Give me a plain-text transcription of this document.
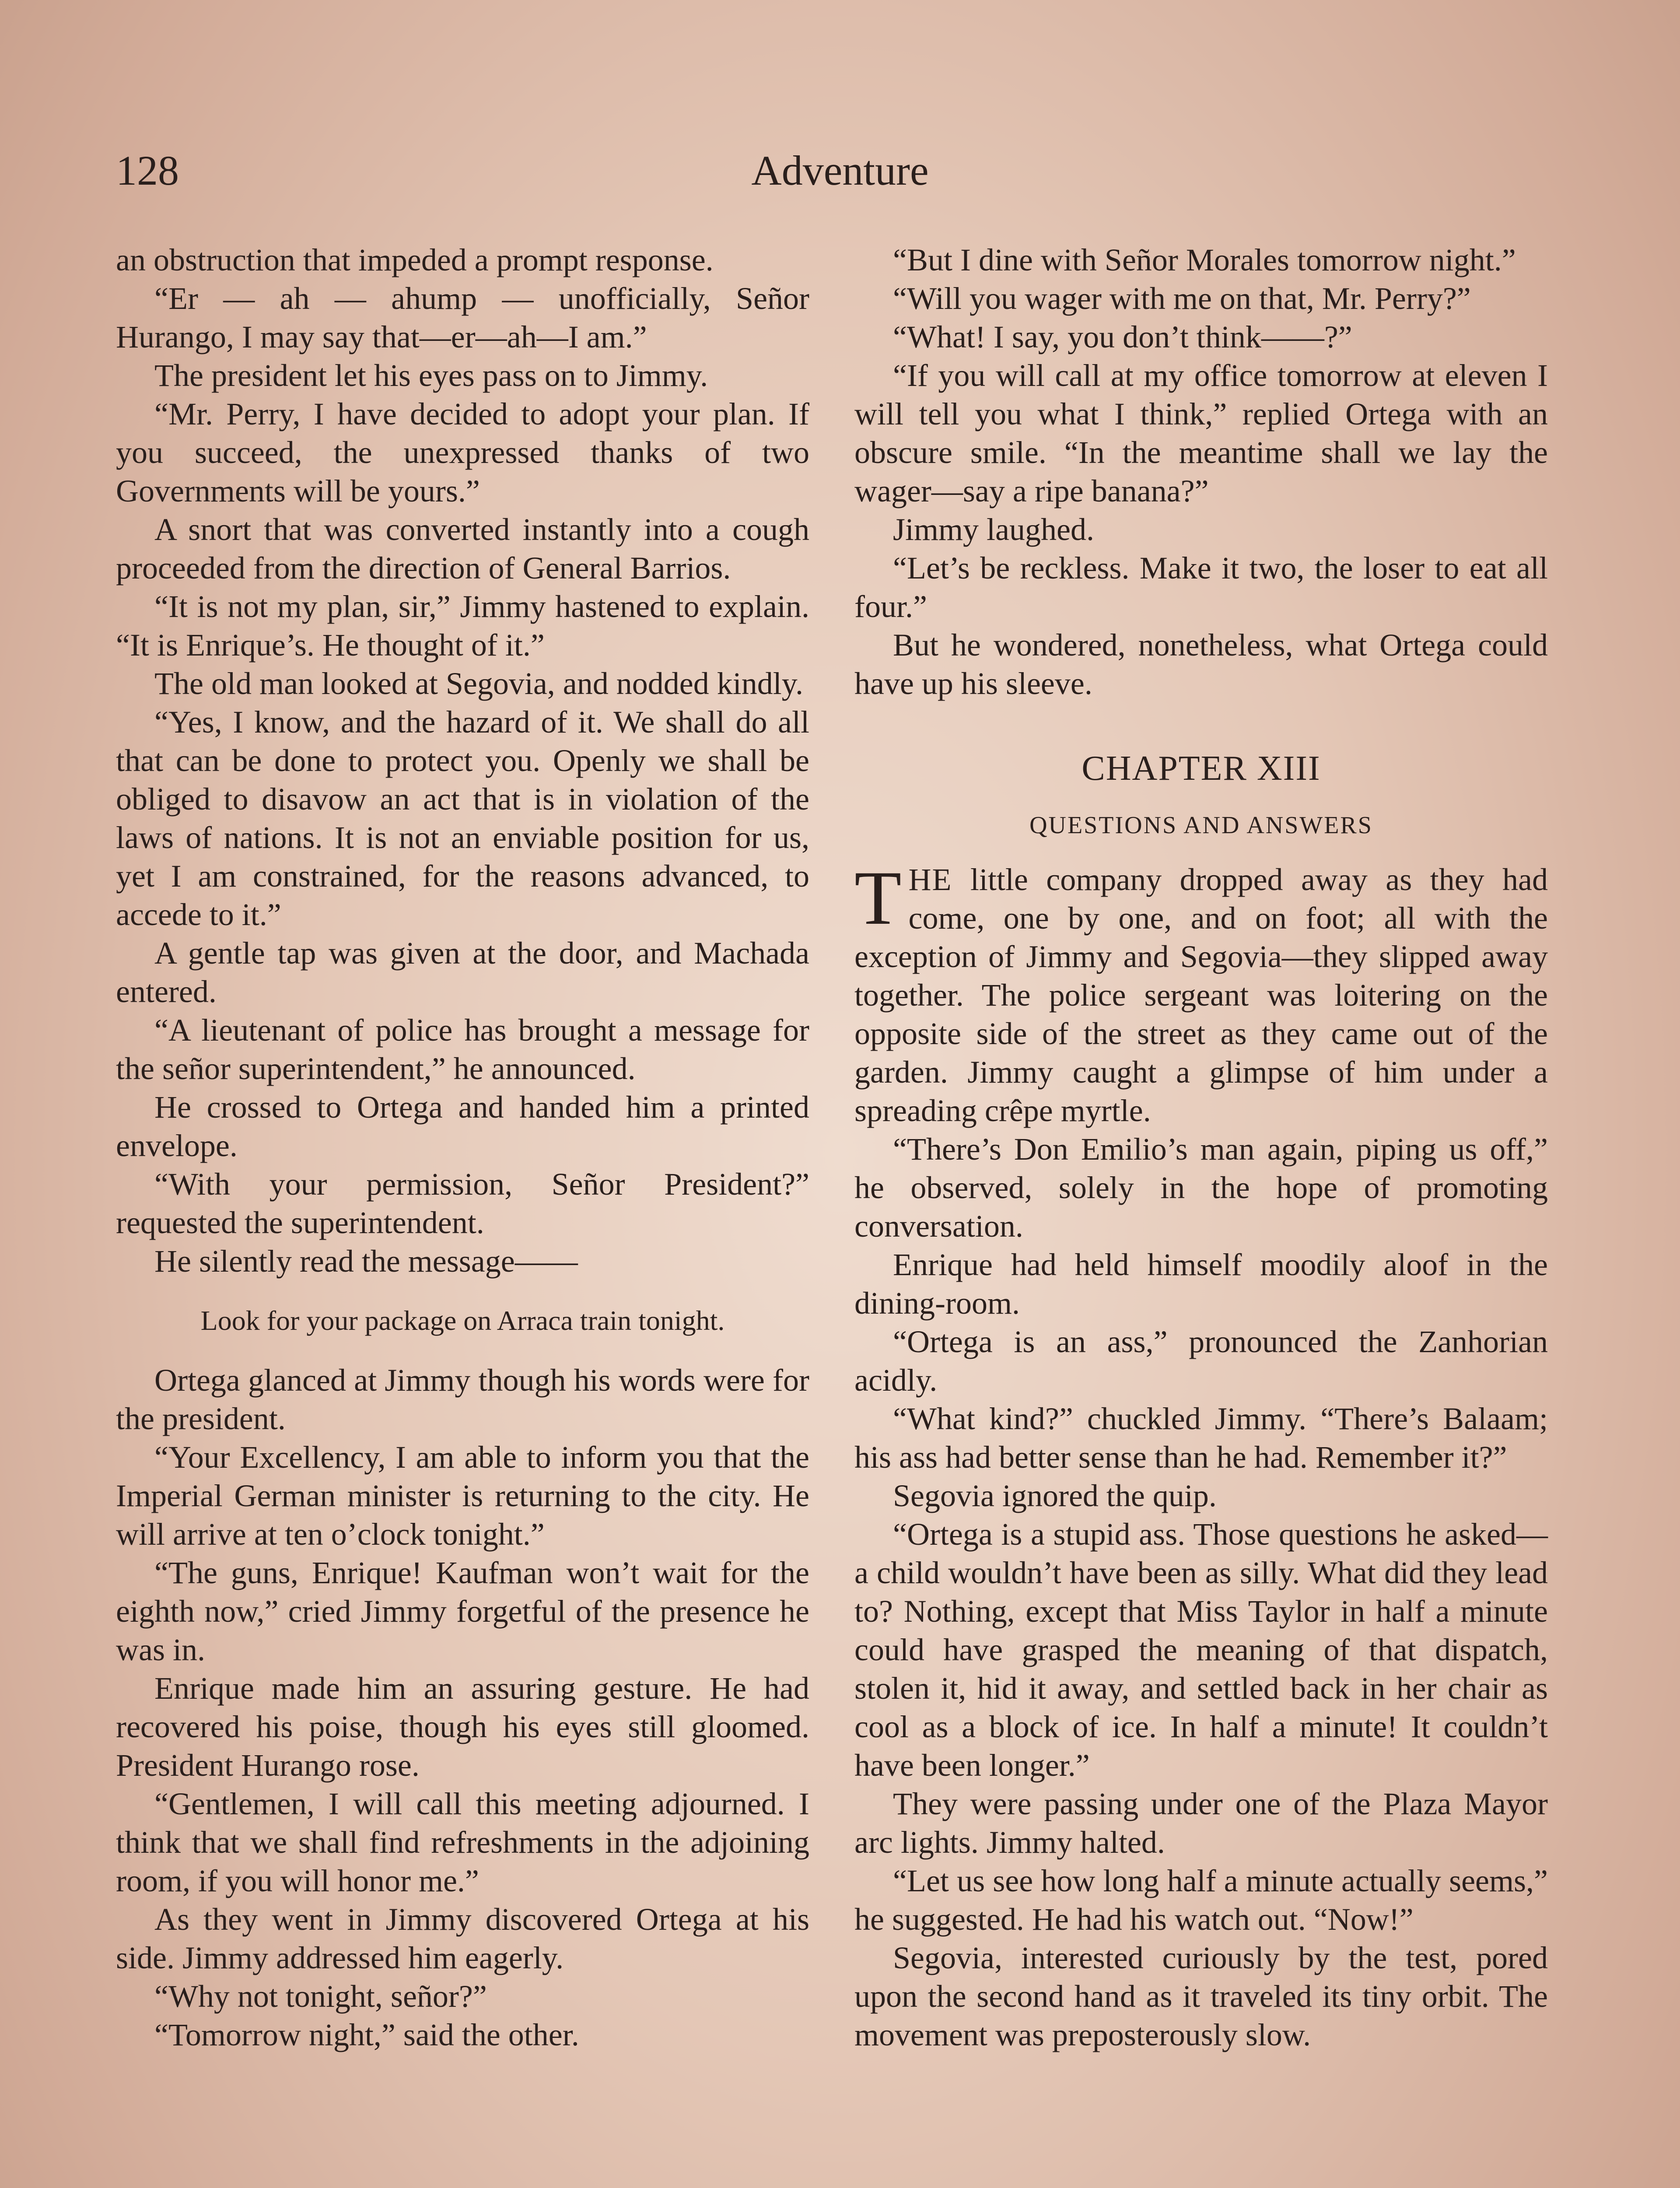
128	Adventure

an obstruction that impeded a prompt response.

“Er — ah — ahump — unofficially, Señor Hurango, I may say that—er—ah—I am.”

The president let his eyes pass on to Jimmy.

“Mr. Perry, I have decided to adopt your plan. If you succeed, the unexpressed thanks of two Governments will be yours.”

A snort that was converted instantly into a cough proceeded from the direction of General Barrios.

“It is not my plan, sir,” Jimmy hastened to explain. “It is Enrique’s. He thought of it.”

The old man looked at Segovia, and nodded kindly.

“Yes, I know, and the hazard of it. We shall do all that can be done to protect you. Openly we shall be obliged to disavow an act that is in violation of the laws of nations. It is not an enviable position for us, yet I am constrained, for the reasons advanced, to accede to it.”

A gentle tap was given at the door, and Machada entered.

“A lieutenant of police has brought a message for the señor superintendent,” he announced.

He crossed to Ortega and handed him a printed envelope.

“With your permission, Señor President?” requested the superintendent.

He silently read the message——

Look for your package on Arraca train tonight.

Ortega glanced at Jimmy though his words were for the president.

“Your Excellency, I am able to inform you that the Imperial German minister is returning to the city. He will arrive at ten o’clock tonight.”

“The guns, Enrique! Kaufman won’t wait for the eighth now,” cried Jimmy forgetful of the presence he was in.

Enrique made him an assuring gesture. He had recovered his poise, though his eyes still gloomed. President Hurango rose.

“Gentlemen, I will call this meeting adjourned. I think that we shall find refreshments in the adjoining room, if you will honor me.”

As they went in Jimmy discovered Ortega at his side. Jimmy addressed him eagerly.

“Why not tonight, señor?”

“Tomorrow night,” said the other.

“But I dine with Señor Morales tomorrow night.”

“Will you wager with me on that, Mr. Perry?”

“What! I say, you don’t think——?”

“If you will call at my office tomorrow at eleven I will tell you what I think,” replied Ortega with an obscure smile. “In the meantime shall we lay the wager—say a ripe banana?”

Jimmy laughed.

“Let’s be reckless. Make it two, the loser to eat all four.”

But he wondered, nonetheless, what Ortega could have up his sleeve.

CHAPTER XIII
QUESTIONS AND ANSWERS

THE little company dropped away as they had come, one by one, and on foot; all with the exception of Jimmy and Segovia—they slipped away together. The police sergeant was loitering on the opposite side of the street as they came out of the garden. Jimmy caught a glimpse of him under a spreading crêpe myrtle.

“There’s Don Emilio’s man again, piping us off,” he observed, solely in the hope of promoting conversation.

Enrique had held himself moodily aloof in the dining-room.

“Ortega is an ass,” pronounced the Zanhorian acidly.

“What kind?” chuckled Jimmy. “There’s Balaam; his ass had better sense than he had. Remember it?”

Segovia ignored the quip.

“Ortega is a stupid ass. Those questions he asked—a child wouldn’t have been as silly. What did they lead to? Nothing, except that Miss Taylor in half a minute could have grasped the meaning of that dispatch, stolen it, hid it away, and settled back in her chair as cool as a block of ice. In half a minute! It couldn’t have been longer.”

They were passing under one of the Plaza Mayor arc lights. Jimmy halted.

“Let us see how long half a minute actually seems,” he suggested. He had his watch out. “Now!”

Segovia, interested curiously by the test, pored upon the second hand as it traveled its tiny orbit. The movement was preposterously slow.
